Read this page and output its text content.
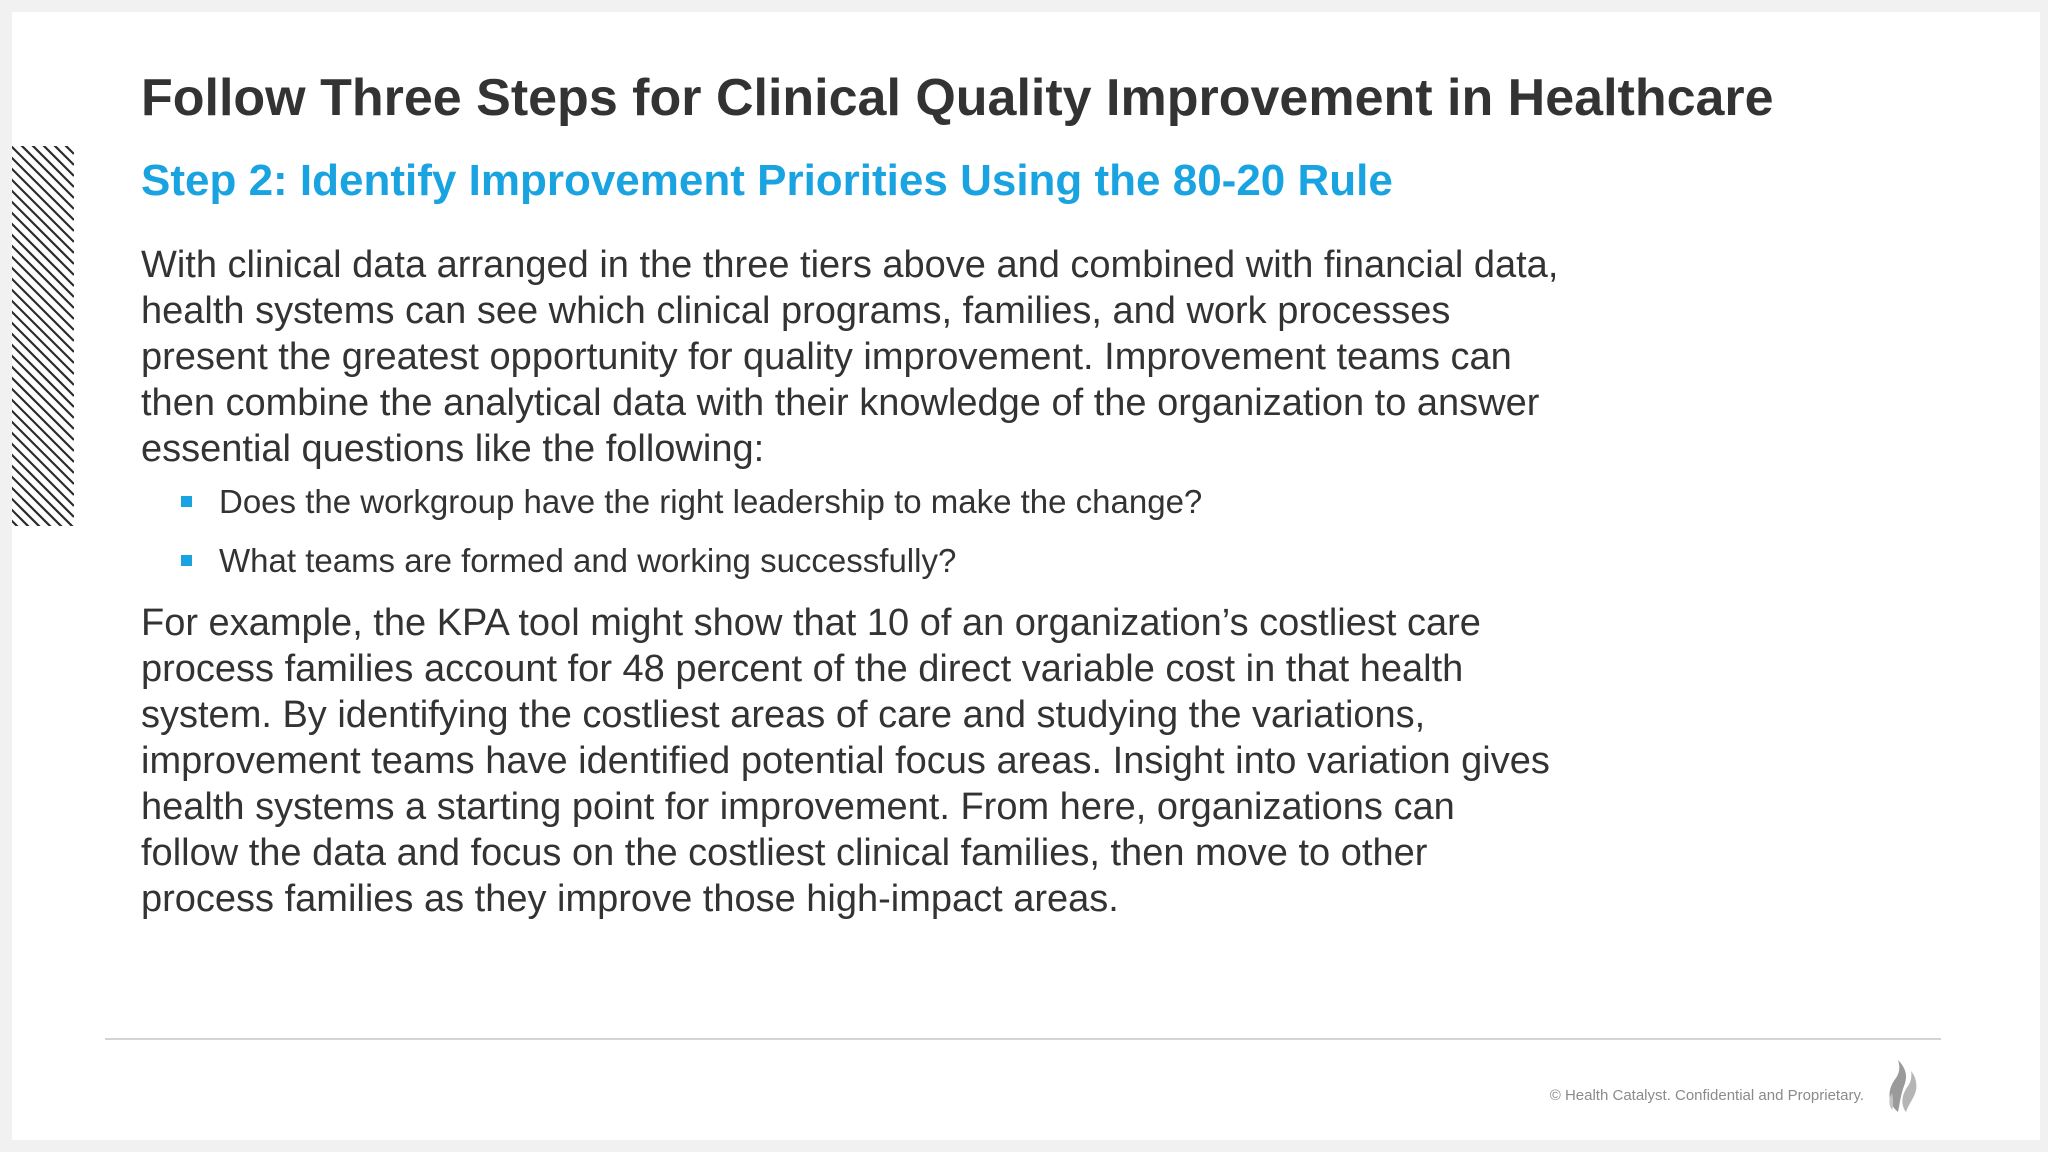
Follow Three Steps for Clinical Quality Improvement in Healthcare
Step 2: Identify Improvement Priorities Using the 80-20 Rule

With clinical data arranged in the three tiers above and combined with financial data, health systems can see which clinical programs, families, and work processes present the greatest opportunity for quality improvement. Improvement teams can then combine the analytical data with their knowledge of the organization to answer essential questions like the following:

Does the workgroup have the right leadership to make the change?
What teams are formed and working successfully?

For example, the KPA tool might show that 10 of an organization’s costliest care process families account for 48 percent of the direct variable cost in that health system. By identifying the costliest areas of care and studying the variations, improvement teams have identified potential focus areas. Insight into variation gives health systems a starting point for improvement. From here, organizations can follow the data and focus on the costliest clinical families, then move to other process families as they improve those high-impact areas.

© Health Catalyst. Confidential and Proprietary.
